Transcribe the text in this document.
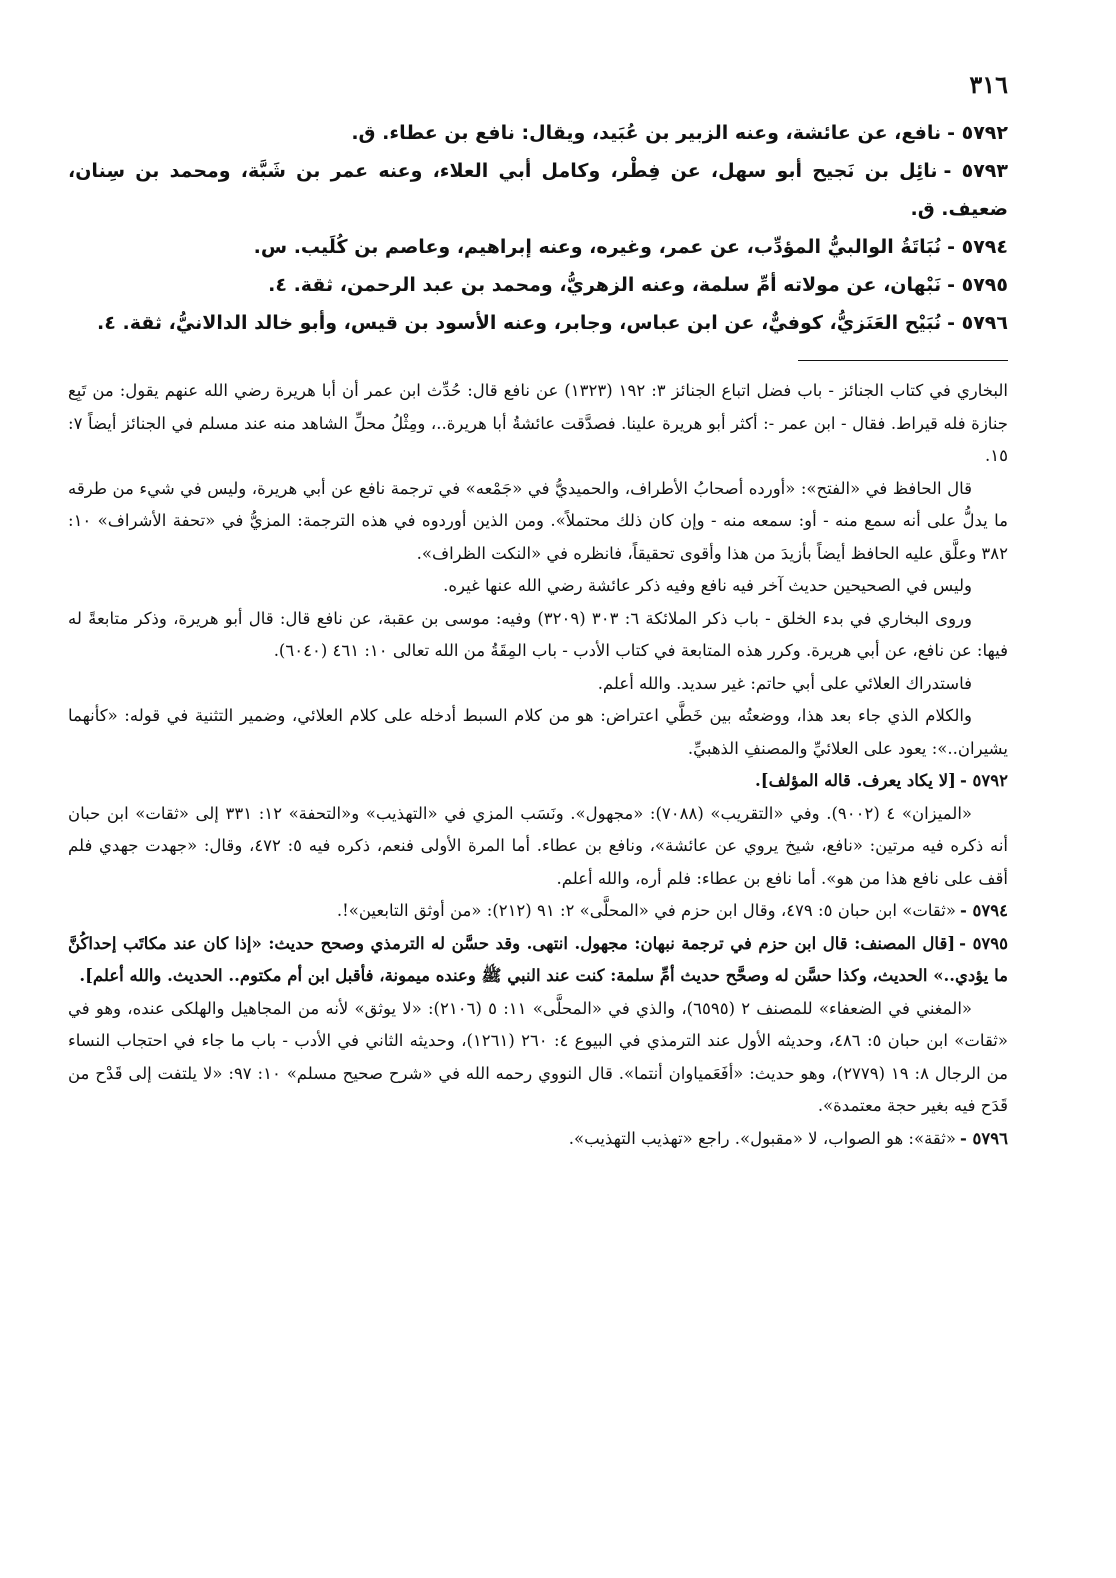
٣١٦

٥٧٩٢ -نافع، عن عائشة، وعنه الزبير بن عُبَيد، ويقال: نافع بن عطاء. ق.

٥٧٩٣ -نائِل بن نَجيح أبو سهل، عن فِطْر، وكامل أبي العلاء، وعنه عمر بن شَبَّة، ومحمد بن سِنان، ضعيف. ق.

٥٧٩٤ -نُبَاتَةُ الوالبيُّ المؤدِّب، عن عمر، وغيره، وعنه إبراهيم، وعاصم بن كُلَيب. س.

٥٧٩٥ -نَبْهان، عن مولاته أمِّ سلمة، وعنه الزهريُّ، ومحمد بن عبد الرحمن، ثقة. ٤.

٥٧٩٦ -نُبَيْح العَنَزيُّ، كوفيٌّ، عن ابن عباس، وجابر، وعنه الأسود بن قيس، وأبو خالد الدالانيُّ، ثقة. ٤.

البخاري في كتاب الجنائز - باب فضل اتباع الجنائز ٣: ١٩٢ (١٣٢٣) عن نافع قال: حُدِّث ابن عمر أن أبا هريرة رضي الله عنهم يقول: من تَبِع جنازة فله قيراط. فقال - ابن عمر -: أكثر أبو هريرة علينا. فصدَّقت عائشةُ أبا هريرة..، ومِثْلُ محلِّ الشاهد منه عند مسلم في الجنائز أيضاً ٧: ١٥.

قال الحافظ في «الفتح»: «أورده أصحابُ الأطراف، والحميديُّ في «جَمْعه» في ترجمة نافع عن أبي هريرة، وليس في شيء من طرقه ما يدلُّ على أنه سمع منه - أو: سمعه منه - وإن كان ذلك محتملاً». ومن الذين أوردوه في هذه الترجمة: المزيُّ في «تحفة الأشراف» ١٠: ٣٨٢ وعلَّق عليه الحافظ أيضاً بأزيدَ من هذا وأقوى تحقيقاً، فانظره في «النكت الظراف».

وليس في الصحيحين حديث آخر فيه نافع وفيه ذكر عائشة رضي الله عنها غيره.

وروى البخاري في بدء الخلق - باب ذكر الملائكة ٦: ٣٠٣ (٣٢٠٩) وفيه: موسى بن عقبة، عن نافع قال: قال أبو هريرة، وذكر متابعةً له فيها: عن نافع، عن أبي هريرة. وكرر هذه المتابعة في كتاب الأدب - باب المِقَةُ من الله تعالى ١٠: ٤٦١ (٦٠٤٠).

فاستدراك العلائي على أبي حاتم: غير سديد. والله أعلم.

والكلام الذي جاء بعد هذا، ووضعتُه بين خَطَّي اعتراض: هو من كلام السبط أدخله على كلام العلائي، وضمير التثنية في قوله: «كأنهما يشيران..»: يعود على العلائيِّ والمصنفِ الذهبيِّ.

٥٧٩٢ -[لا يكاد يعرف. قاله المؤلف].

«الميزان» ٤ (٩٠٠٢). وفي «التقريب» (٧٠٨٨): «مجهول». ونَسَب المزي في «التهذيب» و«التحفة» ١٢: ٣٣١ إلى «ثقات» ابن حبان أنه ذكره فيه مرتين: «نافع، شيخ يروي عن عائشة»، ونافع بن عطاء. أما المرة الأولى فنعم، ذكره فيه ٥: ٤٧٢، وقال: «جهدت جهدي فلم أقف على نافع هذا من هو». أما نافع بن عطاء: فلم أره، والله أعلم.

٥٧٩٤ -«ثقات» ابن حبان ٥: ٤٧٩، وقال ابن حزم في «المحلَّى» ٢: ٩١ (٢١٢): «من أوثق التابعين»!.

٥٧٩٥ -[قال المصنف: قال ابن حزم في ترجمة نبهان: مجهول. انتهى. وقد حسَّن له الترمذي وصحح حديث: «إذا كان عند مكاتَب إحداكُنَّ ما يؤدي..» الحديث، وكذا حسَّن له وصحَّح حديث أمِّ سلمة: كنت عند النبي ﷺ وعنده ميمونة، فأقبل ابن أم مكتوم.. الحديث. والله أعلم].

«المغني في الضعفاء» للمصنف ٢ (٦٥٩٥)، والذي في «المحلَّى» ١١: ٥ (٢١٠٦): «لا يوثق» لأنه من المجاهيل والهلكى عنده، وهو في «ثقات» ابن حبان ٥: ٤٨٦، وحديثه الأول عند الترمذي في البيوع ٤: ٢٦٠ (١٢٦١)، وحديثه الثاني في الأدب - باب ما جاء في احتجاب النساء من الرجال ٨: ١٩ (٢٧٧٩)، وهو حديث: «أفَعَمياوان أنتما». قال النووي رحمه الله في «شرح صحيح مسلم» ١٠: ٩٧: «لا يلتفت إلى قَدْح من قَدَح فيه بغير حجة معتمدة».

٥٧٩٦ -«ثقة»: هو الصواب، لا «مقبول». راجع «تهذيب التهذيب».
